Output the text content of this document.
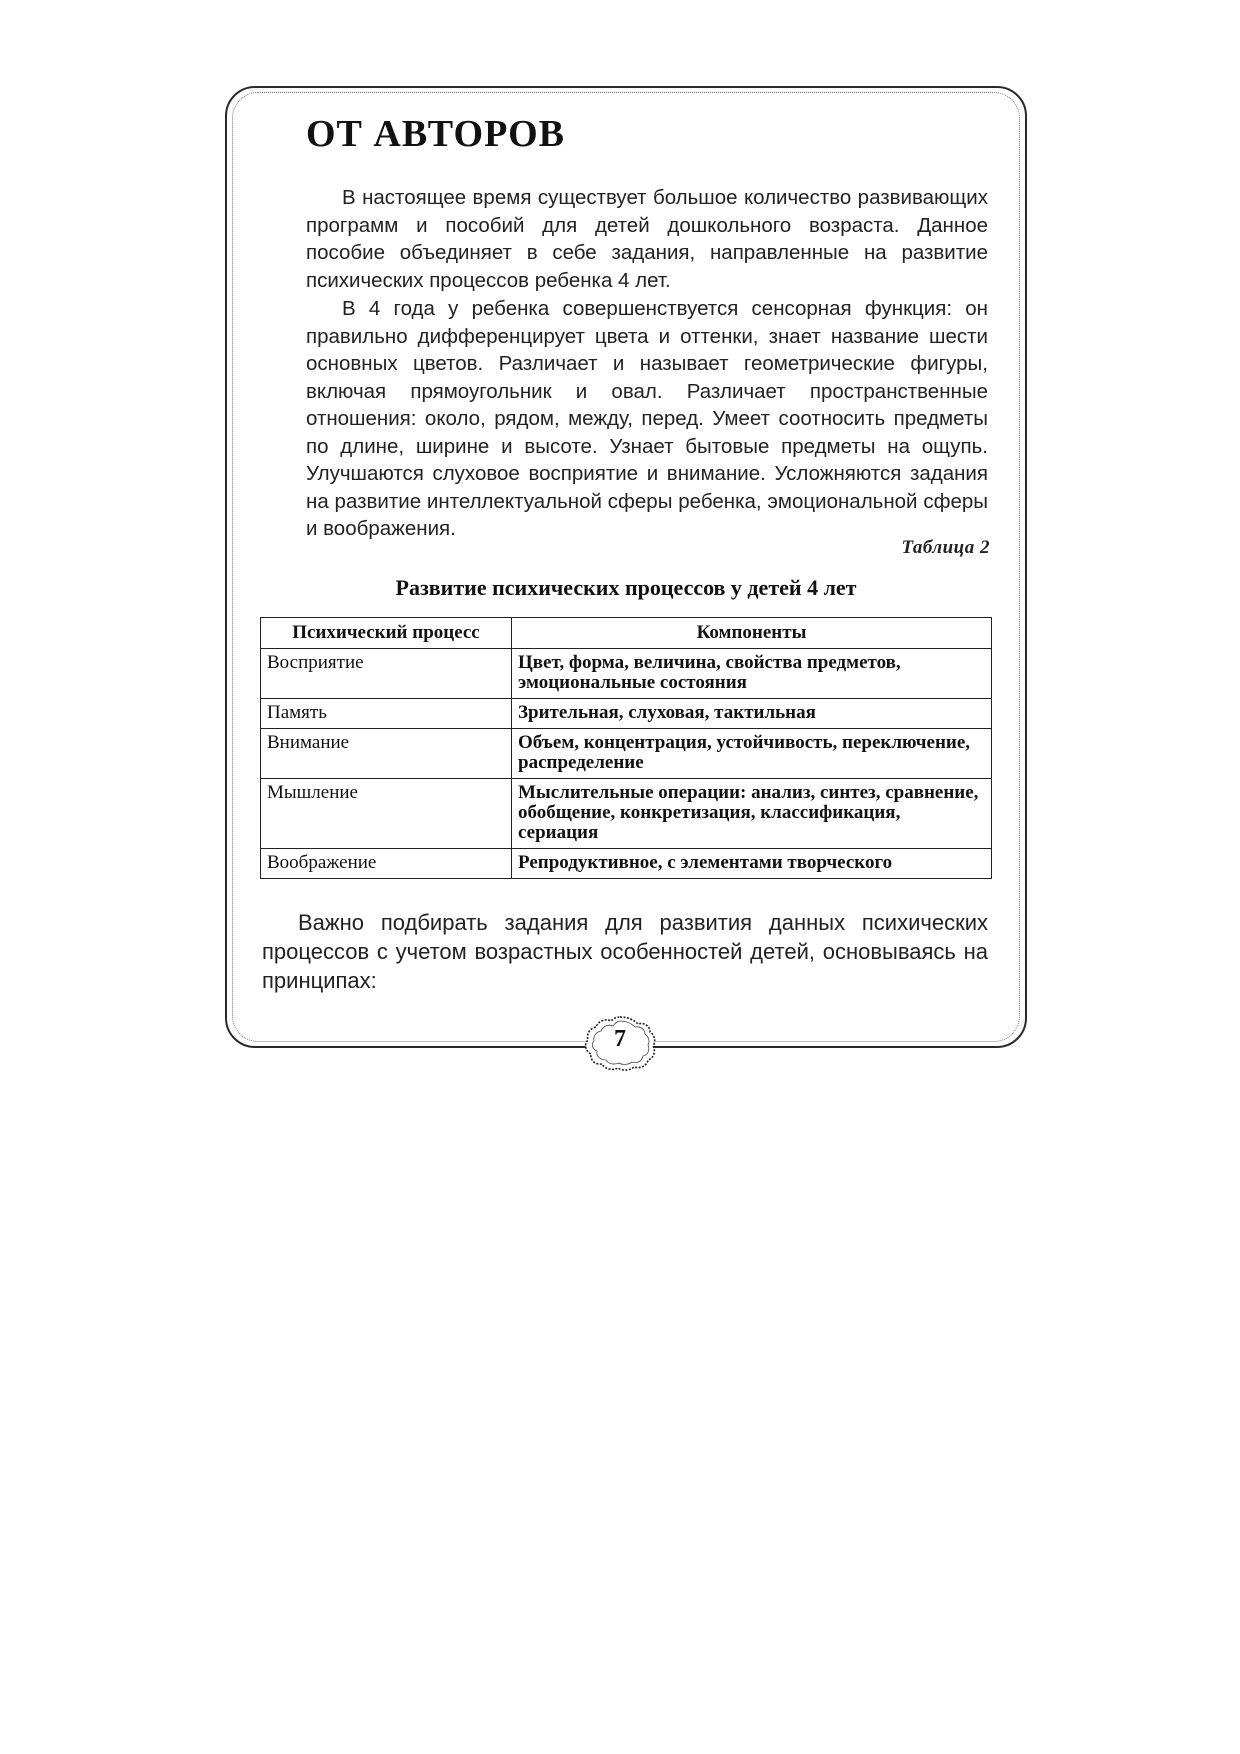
ОТ АВТОРОВ

В настоящее время существует большое количество развивающих программ и пособий для детей дошкольного возраста. Данное пособие объединяет в себе задания, направленные на развитие психических процессов ребенка 4 лет.

В 4 года у ребенка совершенствуется сенсорная функция: он правильно дифференцирует цвета и оттенки, знает название шести основных цветов. Различает и называет геометрические фигуры, включая прямоугольник и овал. Различает пространственные отношения: около, рядом, между, перед. Умеет соотносить предметы по длине, ширине и высоте. Узнает бытовые предметы на ощупь. Улучшаются слуховое восприятие и внимание. Усложняются задания на развитие интеллектуальной сферы ребенка, эмоциональной сферы и воображения.

Таблица 2
Развитие психических процессов у детей 4 лет
Психический процесс	Компоненты
Восприятие	Цвет, форма, величина, свойства предметов, эмоциональные состояния
Память	Зрительная, слуховая, тактильная
Внимание	Объем, концентрация, устойчивость, переключение, распределение
Мышление	Мыслительные операции: анализ, синтез, сравнение, обобщение, конкретизация, классификация, сериация
Воображение	Репродуктивное, с элементами творческого

Важно подбирать задания для развития данных психических процессов с учетом возрастных особенностей детей, основываясь на принципах:

7
